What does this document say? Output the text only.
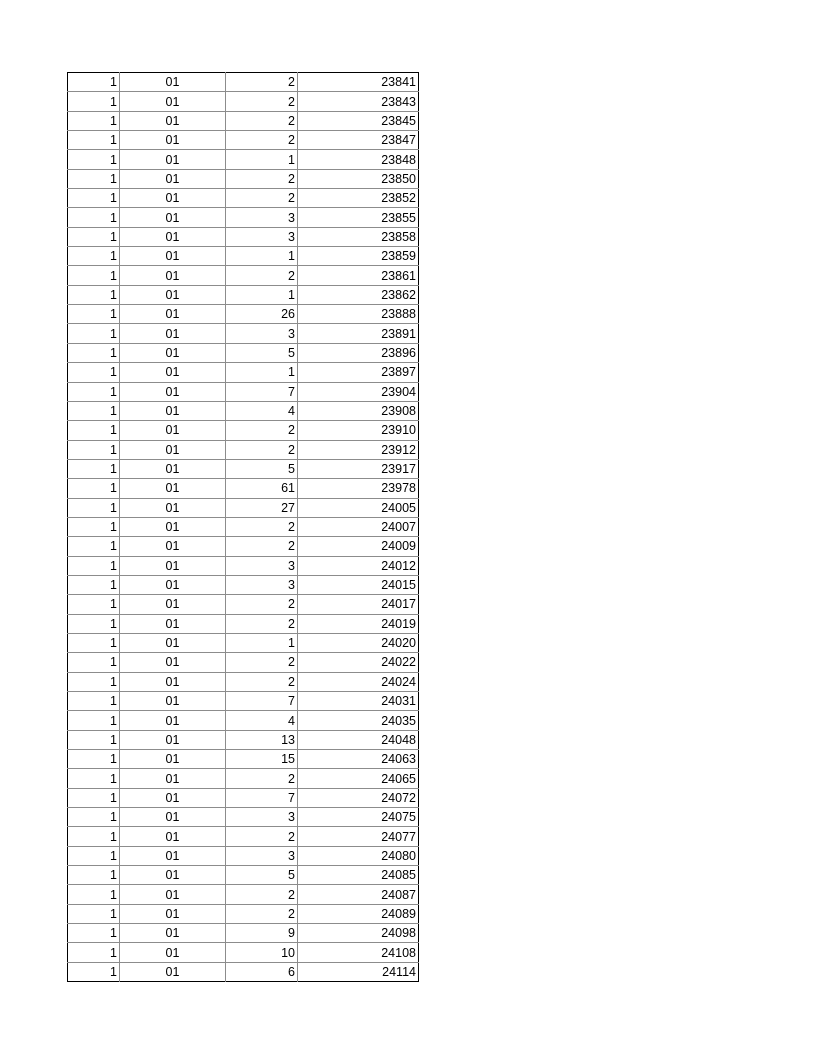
1	01	2	23841
1	01	2	23843
1	01	2	23845
1	01	2	23847
1	01	1	23848
1	01	2	23850
1	01	2	23852
1	01	3	23855
1	01	3	23858
1	01	1	23859
1	01	2	23861
1	01	1	23862
1	01	26	23888
1	01	3	23891
1	01	5	23896
1	01	1	23897
1	01	7	23904
1	01	4	23908
1	01	2	23910
1	01	2	23912
1	01	5	23917
1	01	61	23978
1	01	27	24005
1	01	2	24007
1	01	2	24009
1	01	3	24012
1	01	3	24015
1	01	2	24017
1	01	2	24019
1	01	1	24020
1	01	2	24022
1	01	2	24024
1	01	7	24031
1	01	4	24035
1	01	13	24048
1	01	15	24063
1	01	2	24065
1	01	7	24072
1	01	3	24075
1	01	2	24077
1	01	3	24080
1	01	5	24085
1	01	2	24087
1	01	2	24089
1	01	9	24098
1	01	10	24108
1	01	6	24114
